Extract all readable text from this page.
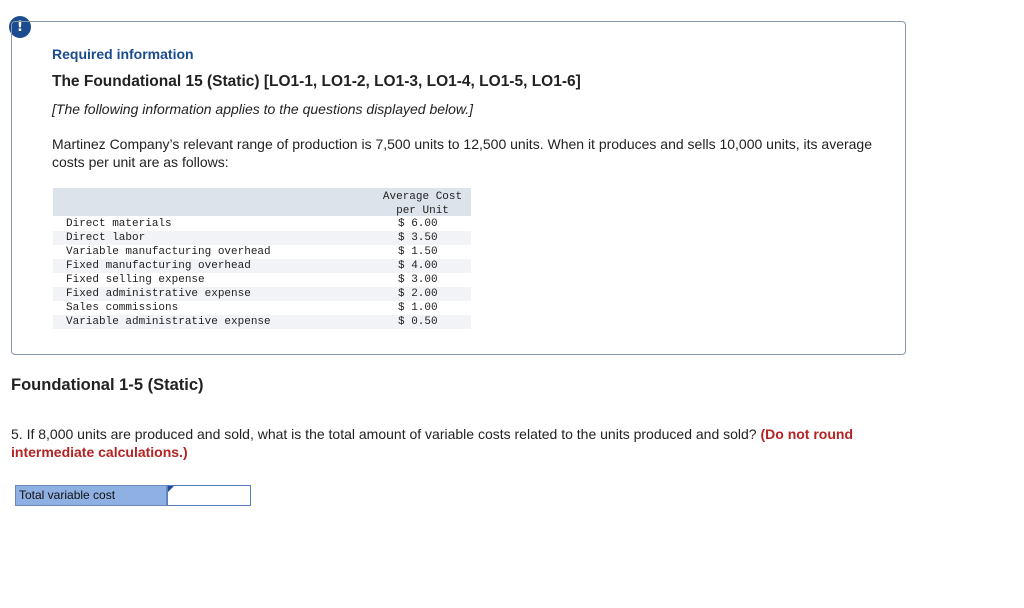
!
Required information
The Foundational 15 (Static) [LO1-1, LO1-2, LO1-3, LO1-4, LO1-5, LO1-6]
[The following information applies to the questions displayed below.]
Martinez Company’s relevant range of production is 7,500 units to 12,500 units. When it produces and sells 10,000 units, its average costs per unit are as follows:
Average Cost
per Unit
Direct materials	$ 6.00
Direct labor	$ 3.50
Variable manufacturing overhead	$ 1.50
Fixed manufacturing overhead	$ 4.00
Fixed selling expense	$ 3.00
Fixed administrative expense	$ 2.00
Sales commissions	$ 1.00
Variable administrative expense	$ 0.50
Foundational 1-5 (Static)
5. If 8,000 units are produced and sold, what is the total amount of variable costs related to the units produced and sold? (Do not round intermediate calculations.)
Total variable cost
